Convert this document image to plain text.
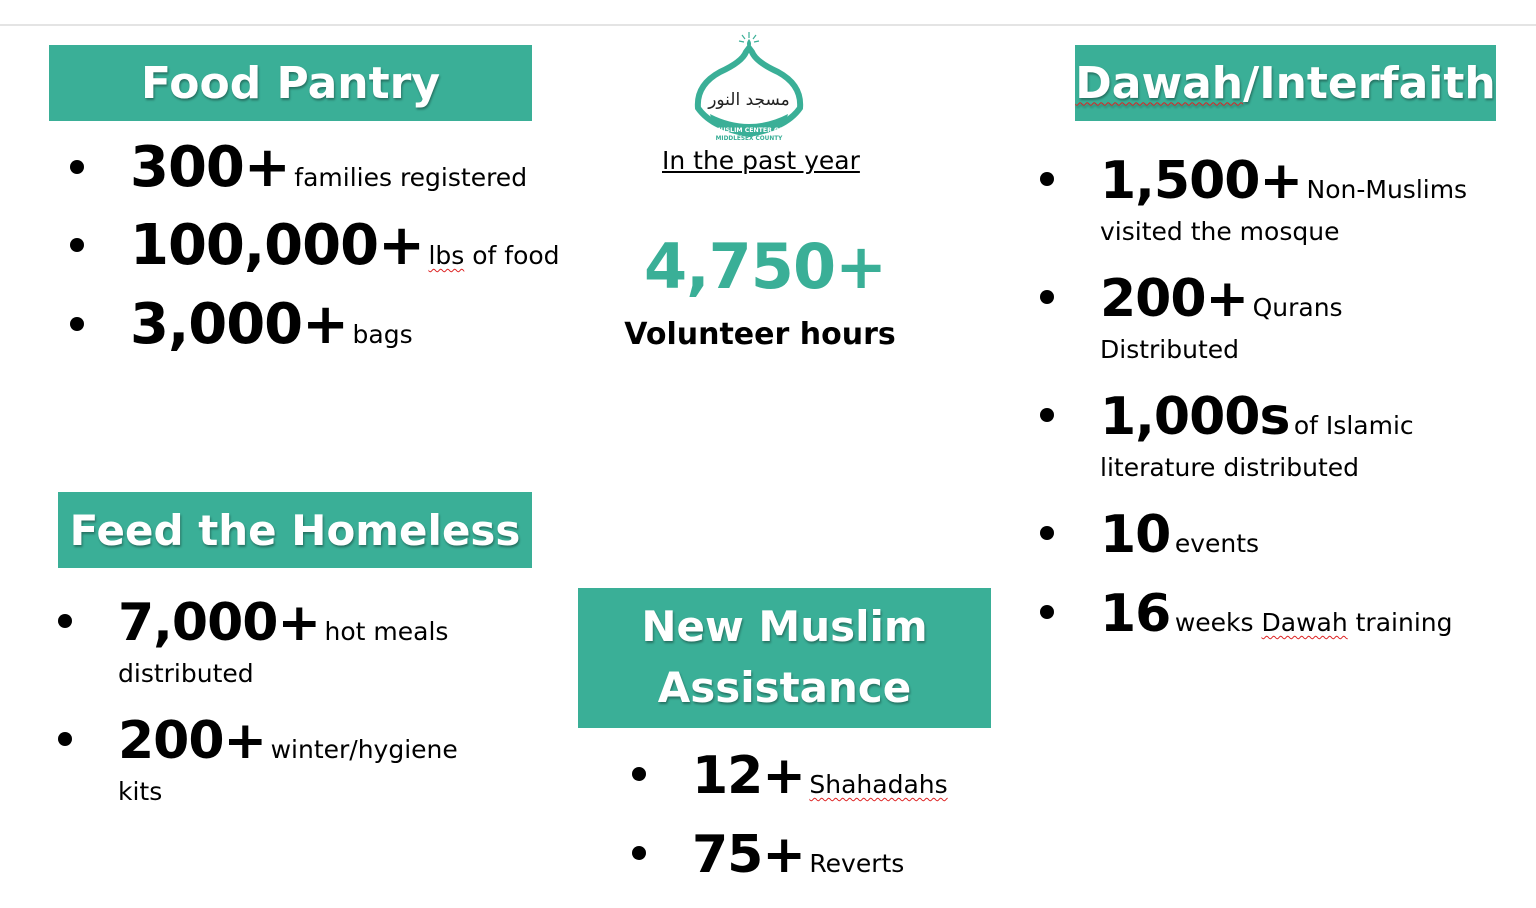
Food Pantry
300+ families registered
100,000+ lbs of food
3,000+ bags
مسجد النور
MUSLIM CENTER OF
MIDDLESEX COUNTY
In the past year
4,750+
Volunteer hours
Dawah/Interfaith
1,500+ Non-Muslims
visited the mosque
200+ Qurans
Distributed
1,000s of Islamic
literature distributed
10 events
16 weeks Dawah training
Feed the Homeless
7,000+ hot meals
distributed
200+ winter/hygiene
kits
New Muslim
Assistance
12+ Shahadahs
75+ Reverts
